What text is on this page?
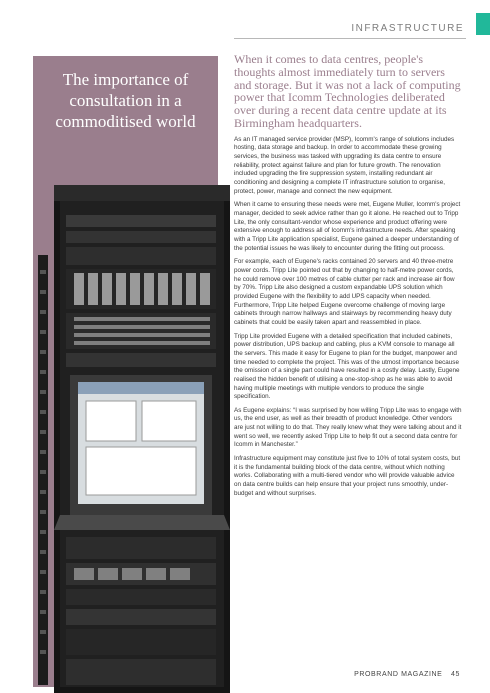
INFRASTRUCTURE
The importance of consultation in a commoditised world

When it comes to data centres, people's thoughts almost immediately turn to servers and storage. But it was not a lack of computing power that Icomm Technologies deliberated over during a recent data centre update at its Birmingham headquarters.

As an IT managed service provider (MSP), Icomm's range of solutions includes hosting, data storage and backup. In order to accommodate these growing services, the business was tasked with upgrading its data centre to ensure reliability, protect against failure and plan for future growth. The renovation included upgrading the fire suppression system, installing redundant air conditioning and designing a complete IT infrastructure solution to organise, protect, power, manage and connect the new equipment.

When it came to ensuring these needs were met, Eugene Muller, Icomm's project manager, decided to seek advice rather than go it alone. He reached out to Tripp Lite, the only consultant-vendor whose experience and product offering were extensive enough to address all of Icomm's infrastructure needs. After speaking with a Tripp Lite application specialist, Eugene gained a deeper understanding of the potential issues he was likely to encounter during the fitting out process.

For example, each of Eugene's racks contained 20 servers and 40 three-metre power cords. Tripp Lite pointed out that by changing to half-metre power cords, he could remove over 100 metres of cable clutter per rack and increase air flow by 70%. Tripp Lite also designed a custom expandable UPS solution which provided Eugene with the flexibility to add UPS capacity when needed. Furthermore, Tripp Lite helped Eugene overcome challenge of moving large cabinets through narrow hallways and stairways by recommending heavy duty cabinets that could be easily taken apart and reassembled in place.

Tripp Lite provided Eugene with a detailed specification that included cabinets, power distribution, UPS backup and cabling, plus a KVM console to manage all the servers. This made it easy for Eugene to plan for the budget, manpower and time needed to complete the project. This was of the utmost importance because the omission of a single part could have resulted in a costly delay. Lastly, Eugene realised the hidden benefit of utilising a one-stop-shop as he was able to avoid having multiple meetings with multiple vendors to produce the single specification.

As Eugene explains: “I was surprised by how willing Tripp Lite was to engage with us, the end user, as well as their breadth of product knowledge. Other vendors are just not willing to do that. They really knew what they were talking about and it went so well, we recently asked Tripp Lite to help fit out a second data centre for Icomm in Manchester.”

Infrastructure equipment may constitute just five to 10% of total system costs, but it is the fundamental building block of the data centre, without which nothing works. Collaborating with a multi-tiered vendor who will provide valuable advice on data centre builds can help ensure that your project runs smoothly, under-budget and without surprises.

PROBRAND MAGAZINE 45
